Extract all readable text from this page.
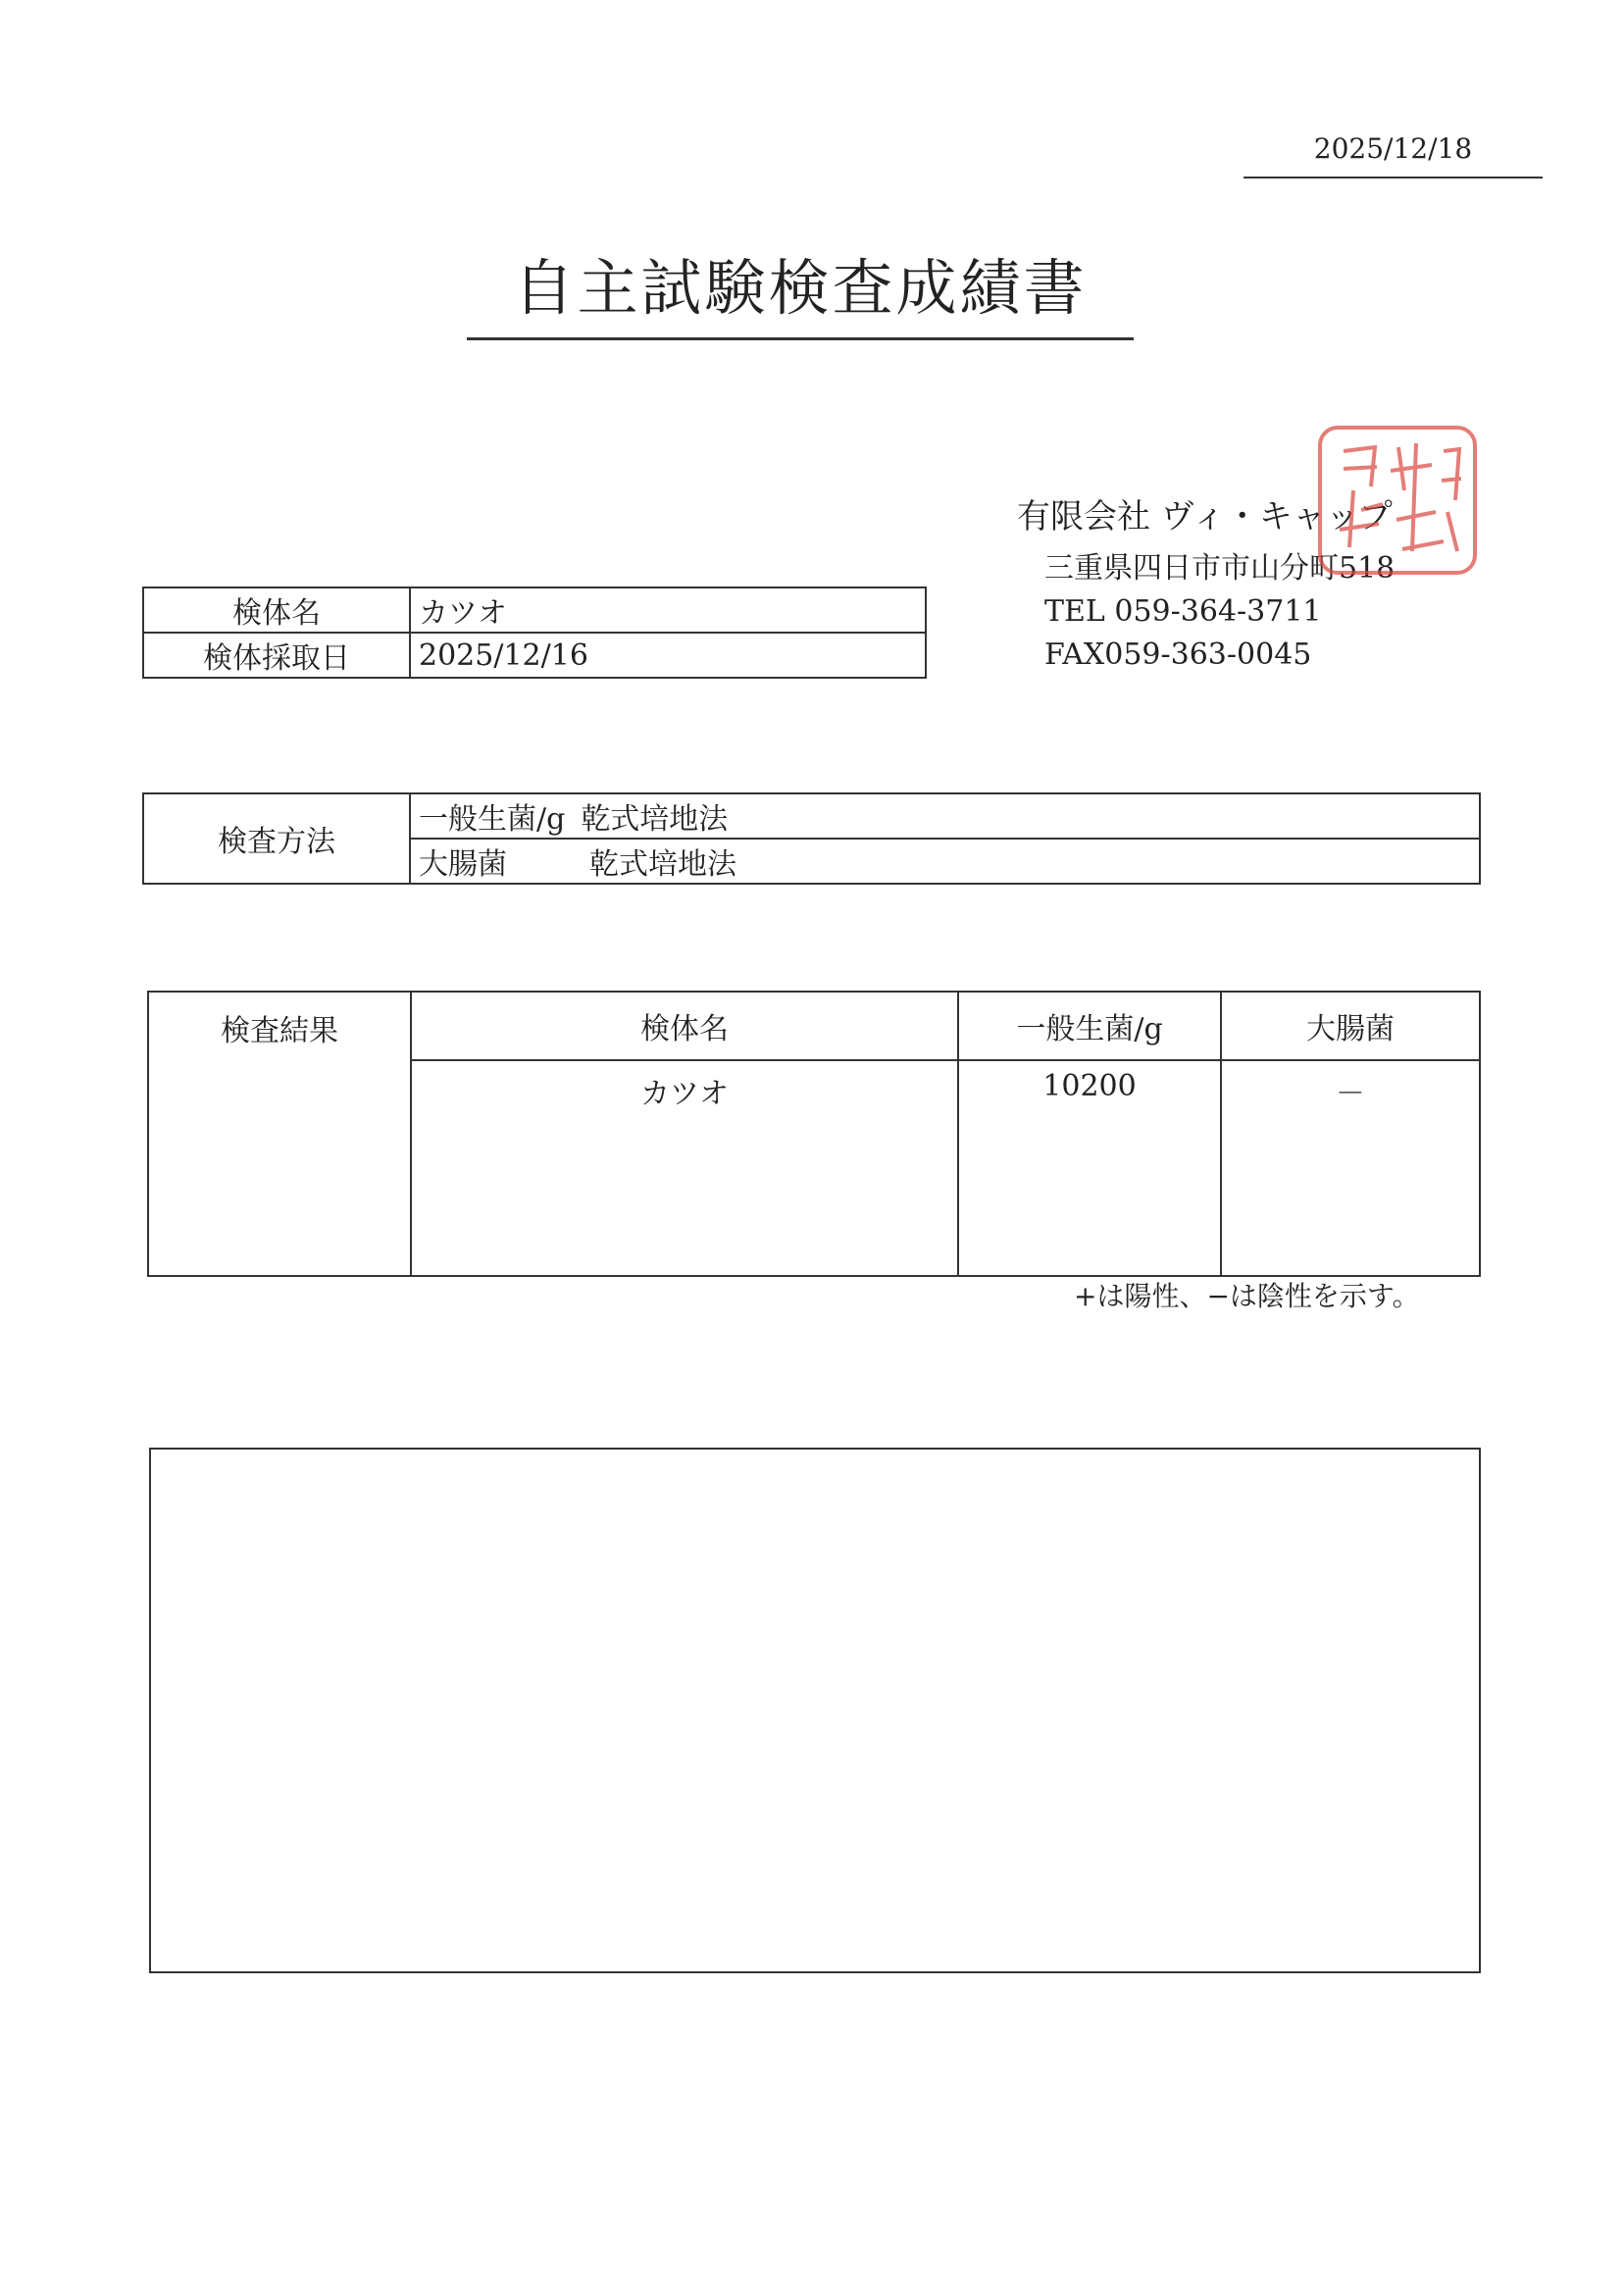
2025/12/18
自主試験検査成績書
有限会社 ヴィ・キャップ
三重県四日市市山分町518
TEL 059-364-3711
FAX059-363-0045
検体名	カツオ
検体採取日	2025/12/16
検査方法	一般生菌/g 乾式培地法
大腸菌	乾式培地法
検査結果	検体名	一般生菌/g	大腸菌
	カツオ	10200	－
+は陽性、−は陰性を示す。
